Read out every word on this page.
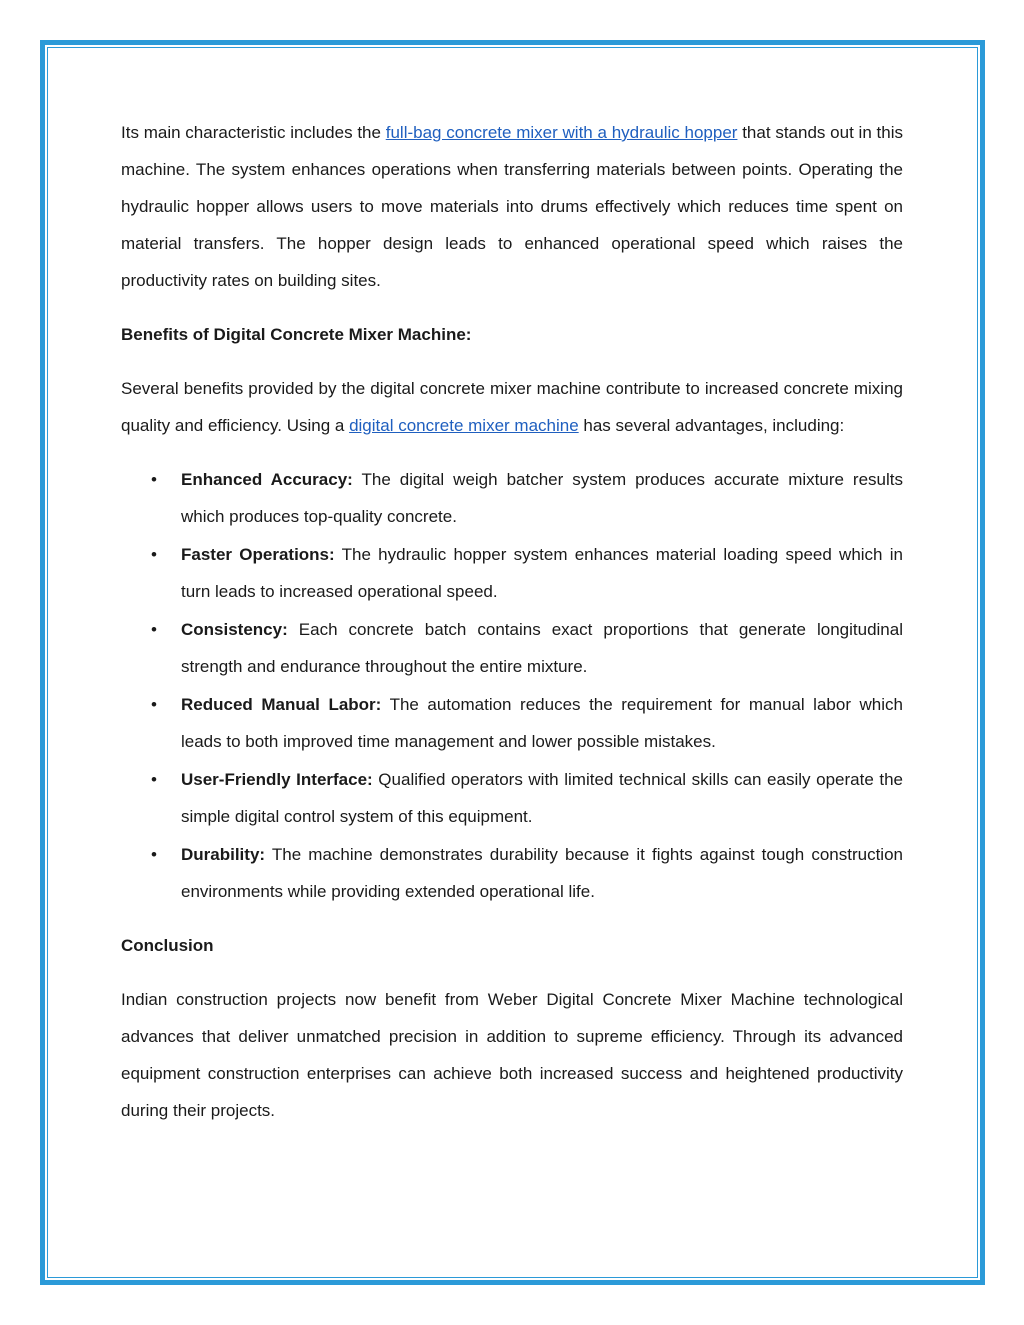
Its main characteristic includes the full-bag concrete mixer with a hydraulic hopper that stands out in this machine. The system enhances operations when transferring materials between points. Operating the hydraulic hopper allows users to move materials into drums effectively which reduces time spent on material transfers. The hopper design leads to enhanced operational speed which raises the productivity rates on building sites.

Benefits of Digital Concrete Mixer Machine:

Several benefits provided by the digital concrete mixer machine contribute to increased concrete mixing quality and efficiency. Using a digital concrete mixer machine has several advantages, including:

• Enhanced Accuracy: The digital weigh batcher system produces accurate mixture results which produces top-quality concrete.
• Faster Operations: The hydraulic hopper system enhances material loading speed which in turn leads to increased operational speed.
• Consistency: Each concrete batch contains exact proportions that generate longitudinal strength and endurance throughout the entire mixture.
• Reduced Manual Labor: The automation reduces the requirement for manual labor which leads to both improved time management and lower possible mistakes.
• User-Friendly Interface: Qualified operators with limited technical skills can easily operate the simple digital control system of this equipment.
• Durability: The machine demonstrates durability because it fights against tough construction environments while providing extended operational life.
Conclusion

Indian construction projects now benefit from Weber Digital Concrete Mixer Machine technological advances that deliver unmatched precision in addition to supreme efficiency. Through its advanced equipment construction enterprises can achieve both increased success and heightened productivity during their projects.
